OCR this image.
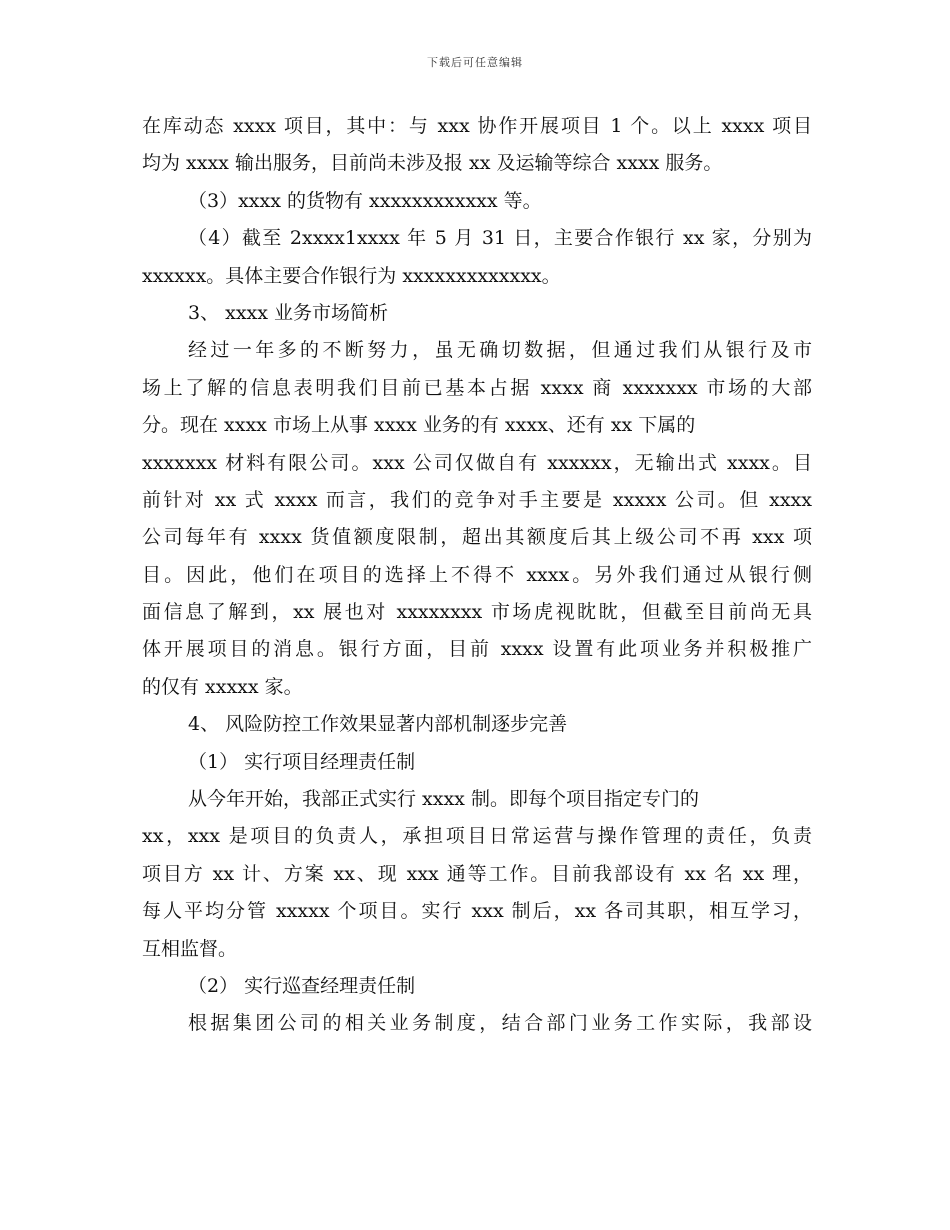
下载后可任意编辑
在库动态 xxxx 项目，其中：与 xxx 协作开展项目 1 个。以上 xxxx 项目
均为 xxxx 输出服务，目前尚未涉及报 xx 及运输等综合 xxxx 服务。
（3）xxxx 的货物有 xxxxxxxxxxxx 等。
（4）截至 2xxxx1xxxx 年 5 月 31 日，主要合作银行 xx 家，分别为
xxxxxx。具体主要合作银行为 xxxxxxxxxxxxx。
3、 xxxx 业务市场简析
经过一年多的不断努力，虽无确切数据，但通过我们从银行及市
场上了解的信息表明我们目前已基本占据 xxxx 商 xxxxxxx 市场的大部
分。现在 xxxx 市场上从事 xxxx 业务的有 xxxx、还有 xx 下属的
xxxxxxx 材料有限公司。xxx 公司仅做自有 xxxxxx，无输出式 xxxx。目
前针对 xx 式 xxxx 而言，我们的竞争对手主要是 xxxxx 公司。但 xxxx
公司每年有 xxxx 货值额度限制，超出其额度后其上级公司不再 xxx 项
目。因此，他们在项目的选择上不得不 xxxx。另外我们通过从银行侧
面信息了解到，xx 展也对 xxxxxxxx 市场虎视眈眈，但截至目前尚无具
体开展项目的消息。银行方面，目前 xxxx 设置有此项业务并积极推广
的仅有 xxxxx 家。
4、 风险防控工作效果显著内部机制逐步完善
（1） 实行项目经理责任制
从今年开始，我部正式实行 xxxx 制。即每个项目指定专门的
xx，xxx 是项目的负责人，承担项目日常运营与操作管理的责任，负责
项目方 xx 计、方案 xx、现 xxx 通等工作。目前我部设有 xx 名 xx 理，
每人平均分管 xxxxx 个项目。实行 xxx 制后，xx 各司其职，相互学习，
互相监督。
（2） 实行巡查经理责任制
根据集团公司的相关业务制度，结合部门业务工作实际，我部设
